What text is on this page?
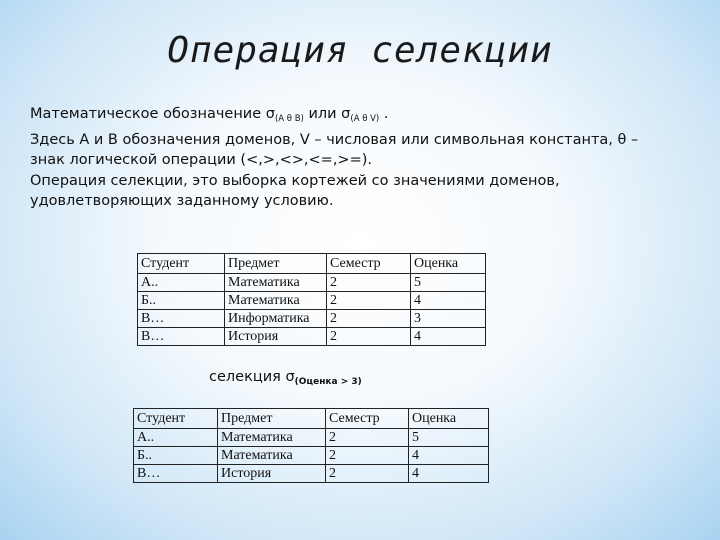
Операция селекции
Математическое обозначение $\sigma_{(A \theta B)}$ или $\sigma_{(A \theta V)}$ .
Здесь A и B обозначения доменов, V – числовая или символьная константа, θ –
знак логической операции (<,>,<>,<=,>=).
Операция селекции, это выборка кортежей со значениями доменов,
удовлетворяющих заданному условию.
Студент	Предмет	Семестр	Оценка
А..	Математика	2	5
Б..	Математика	2	4
В…	Информатика	2	3
В…	История	2	4
селекция $\sigma_{(Оценка > 3)}$
Студент	Предмет	Семестр	Оценка
А..	Математика	2	5
Б..	Математика	2	4
В…	История	2	4
